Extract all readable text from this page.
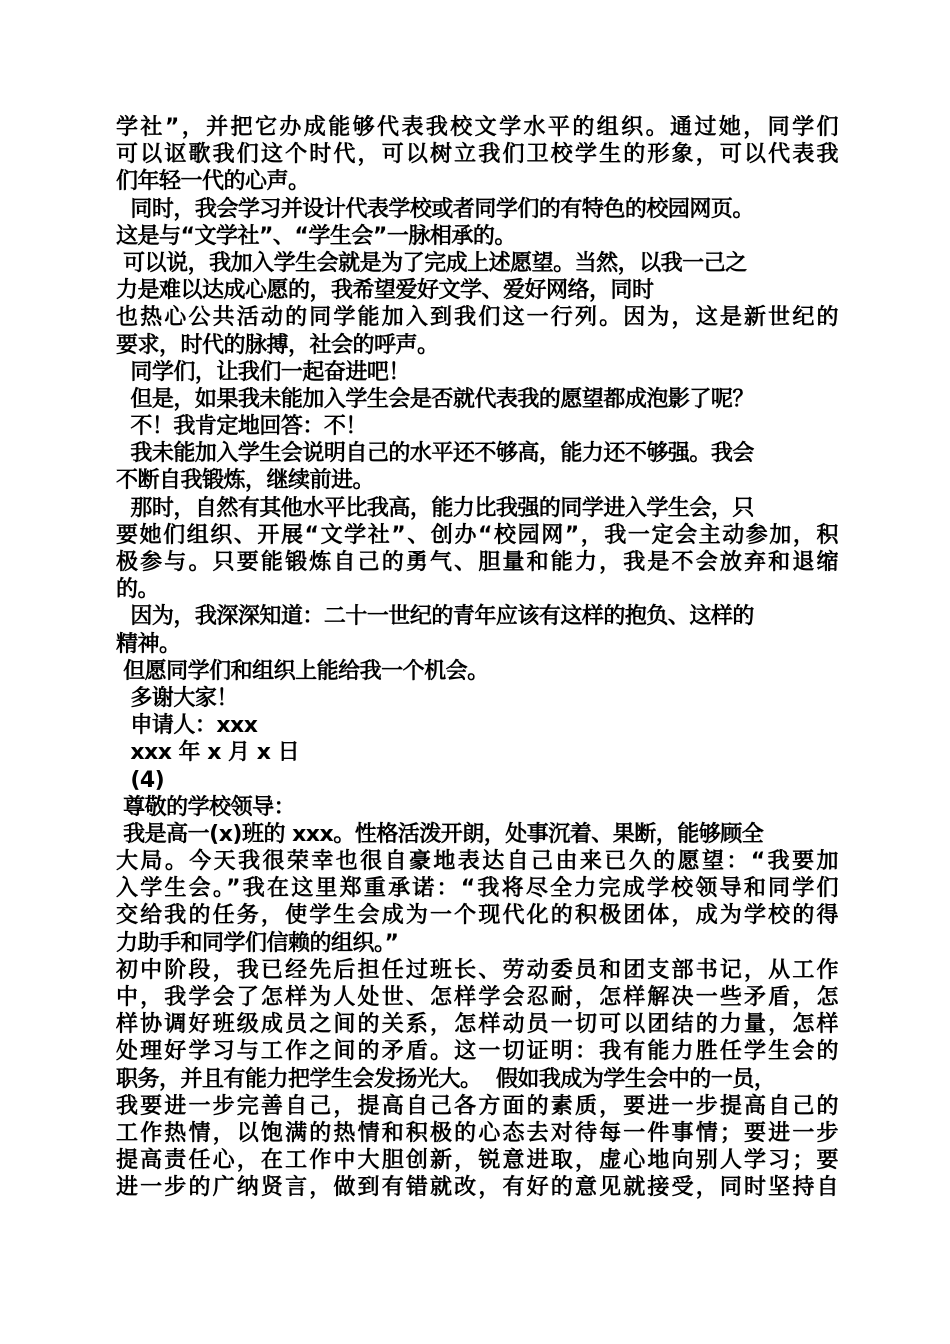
学社”，并把它办成能够代表我校文学水平的组织。通过她，同学们
可以讴歌我们这个时代，可以树立我们卫校学生的形象，可以代表我
们年轻一代的心声。
同时，我会学习并设计代表学校或者同学们的有特色的校园网页。
这是与“文学社”、“学生会”一脉相承的。
可以说，我加入学生会就是为了完成上述愿望。当然，以我一己之
力是难以达成心愿的，我希望爱好文学、爱好网络，同时
也热心公共活动的同学能加入到我们这一行列。因为，这是新世纪的
要求，时代的脉搏，社会的呼声。
同学们，让我们一起奋进吧！
但是，如果我未能加入学生会是否就代表我的愿望都成泡影了呢？
不！我肯定地回答：不！
我未能加入学生会说明自己的水平还不够高，能力还不够强。我会
不断自我锻炼，继续前进。
那时，自然有其他水平比我高，能力比我强的同学进入学生会，只
要她们组织、开展“文学社”、创办“校园网”，我一定会主动参加，积
极参与。只要能锻炼自己的勇气、胆量和能力，我是不会放弃和退缩
的。
因为，我深深知道：二十一世纪的青年应该有这样的抱负、这样的
精神。
但愿同学们和组织上能给我一个机会。
多谢大家！
申请人：xxx
xxx 年 x 月 x 日
(4)
尊敬的学校领导：
我是高一(x)班的 xxx。性格活泼开朗，处事沉着、果断，能够顾全
大局。今天我很荣幸也很自豪地表达自己由来已久的愿望：“我要加
入学生会。”我在这里郑重承诺：“我将尽全力完成学校领导和同学们
交给我的任务，使学生会成为一个现代化的积极团体，成为学校的得
力助手和同学们信赖的组织。”
初中阶段，我已经先后担任过班长、劳动委员和团支部书记，从工作
中，我学会了怎样为人处世、怎样学会忍耐，怎样解决一些矛盾，怎
样协调好班级成员之间的关系，怎样动员一切可以团结的力量，怎样
处理好学习与工作之间的矛盾。这一切证明：我有能力胜任学生会的
职务，并且有能力把学生会发扬光大。  假如我成为学生会中的一员，
我要进一步完善自己，提高自己各方面的素质，要进一步提高自己的
工作热情，以饱满的热情和积极的心态去对待每一件事情；要进一步
提高责任心，在工作中大胆创新，锐意进取，虚心地向别人学习；要
进一步的广纳贤言，做到有错就改，有好的意见就接受，同时坚持自
